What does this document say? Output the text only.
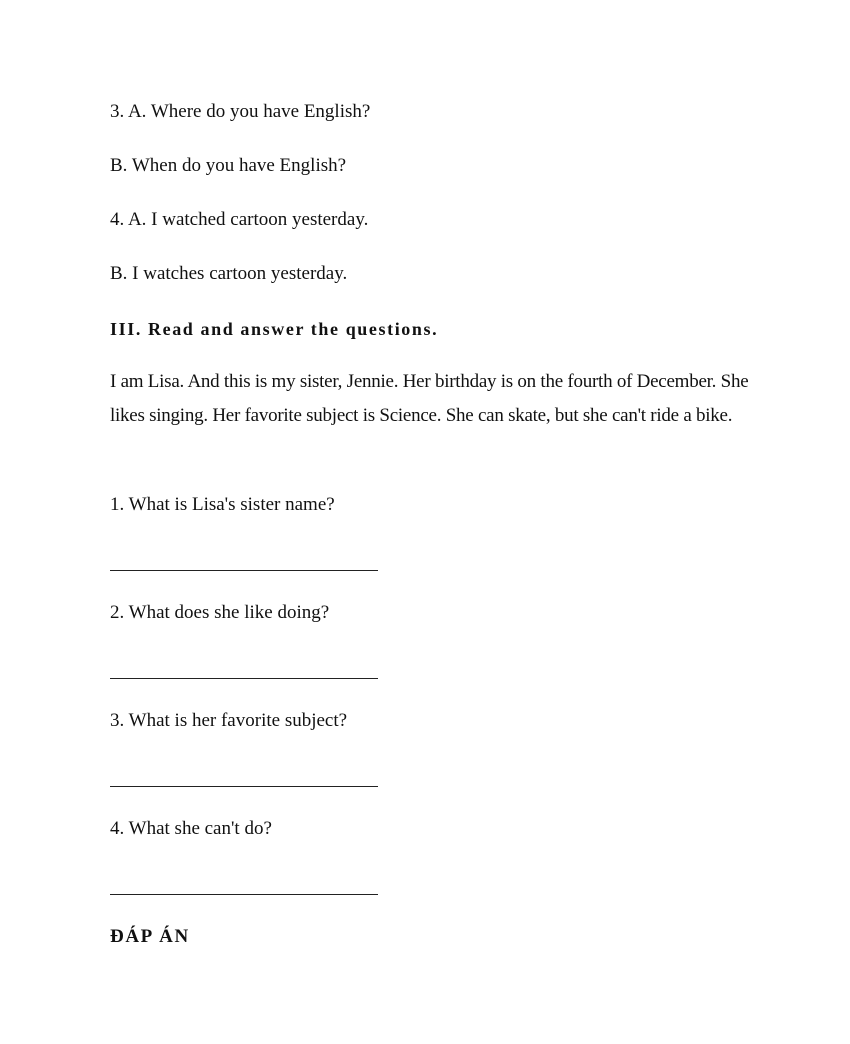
3. A. Where do you have English?
B. When do you have English?
4. A. I watched cartoon yesterday.
B. I watches cartoon yesterday.
III. Read and answer the questions.
I am Lisa. And this is my sister, Jennie. Her birthday is on the fourth of December. She likes singing. Her favorite subject is Science. She can skate, but she can't ride a bike.
1. What is Lisa's sister name?
2. What does she like doing?
3. What is her favorite subject?
4. What she can't do?
ĐÁP ÁN
